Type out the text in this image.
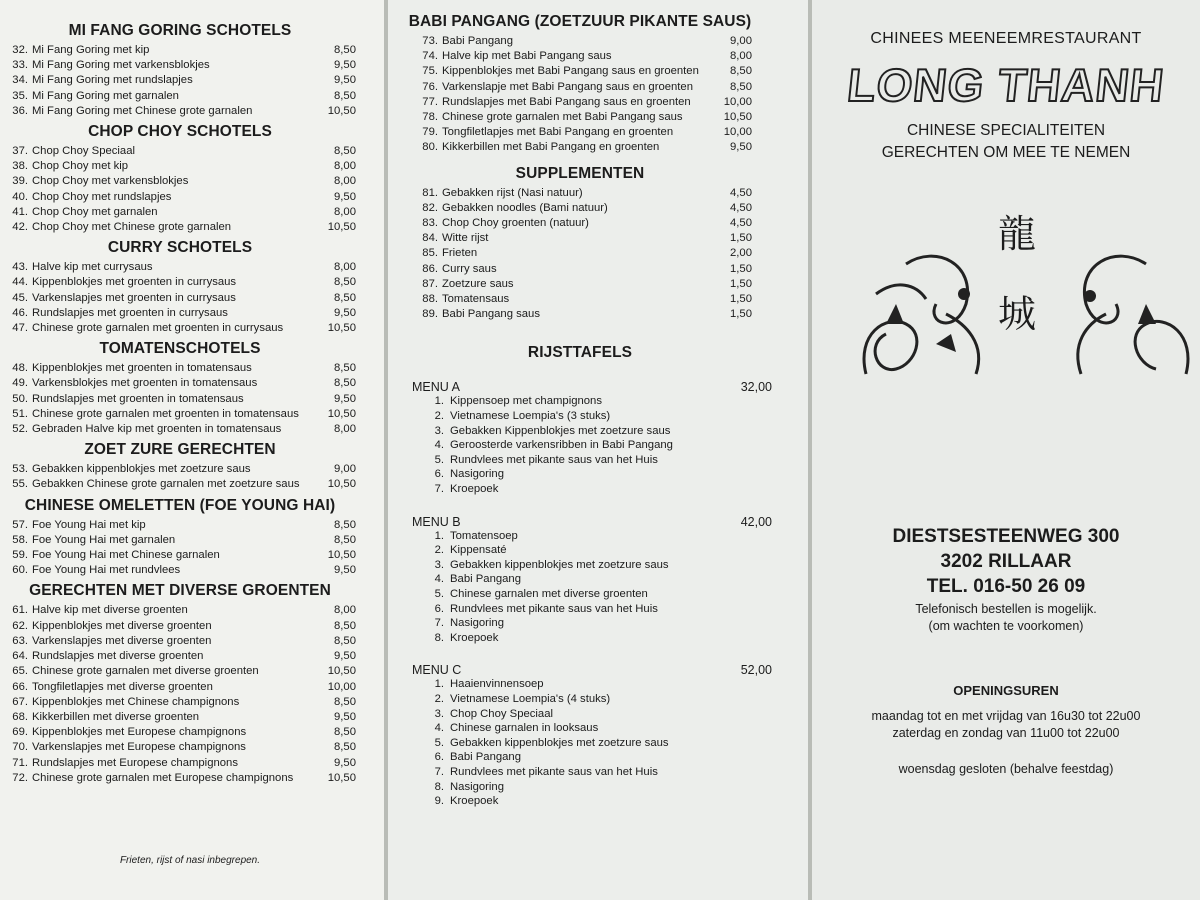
MI FANG GORING SCHOTELS
32. Mi Fang Goring met kip	8,50
33. Mi Fang Goring met varkensblokjes	9,50
34. Mi Fang Goring met rundslapjes	9,50
35. Mi Fang Goring met garnalen	8,50
36. Mi Fang Goring met Chinese grote garnalen	10,50
CHOP CHOY SCHOTELS
37. Chop Choy Speciaal	8,50
38. Chop Choy met kip	8,00
39. Chop Choy met varkensblokjes	8,00
40. Chop Choy met rundslapjes	9,50
41. Chop Choy met garnalen	8,00
42. Chop Choy met Chinese grote garnalen	10,50
CURRY SCHOTELS
43. Halve kip met currysaus	8,00
44. Kippenblokjes met groenten in currysaus	8,50
45. Varkenslapjes met groenten in currysaus	8,50
46. Rundslapjes met groenten in currysaus	9,50
47. Chinese grote garnalen met groenten in currysaus	10,50
TOMATENSCHOTELS
48. Kippenblokjes met groenten in tomatensaus	8,50
49. Varkensblokjes met groenten in tomatensaus	8,50
50. Rundslapjes met groenten in tomatensaus	9,50
51. Chinese grote garnalen met groenten in tomatensaus	10,50
52. Gebraden Halve kip met groenten in tomatensaus	8,00
ZOET ZURE GERECHTEN
53. Gebakken kippenblokjes met zoetzure saus	9,00
55. Gebakken Chinese grote garnalen met zoetzure saus	10,50
CHINESE OMELETTEN (FOE YOUNG HAI)
57. Foe Young Hai met kip	8,50
58. Foe Young Hai met garnalen	8,50
59. Foe Young Hai met Chinese garnalen	10,50
60. Foe Young Hai met rundvlees	9,50
GERECHTEN MET DIVERSE GROENTEN
61. Halve kip met diverse groenten	8,00
62. Kippenblokjes met diverse groenten	8,50
63. Varkenslapjes met diverse groenten	8,50
64. Rundslapjes met diverse groenten	9,50
65. Chinese grote garnalen met diverse groenten	10,50
66. Tongfiletlapjes met diverse groenten	10,00
67. Kippenblokjes met Chinese champignons	8,50
68. Kikkerbillen met diverse groenten	9,50
69. Kippenblokjes met Europese champignons	8,50
70. Varkenslapjes met Europese champignons	8,50
71. Rundslapjes met Europese champignons	9,50
72. Chinese grote garnalen met Europese champignons	10,50
Frieten, rijst of nasi inbegrepen.
BABI PANGANG (ZOETZUUR PIKANTE SAUS)
73. Babi Pangang	9,00
74. Halve kip met Babi Pangang saus	8,00
75. Kippenblokjes met Babi Pangang saus en groenten	8,50
76. Varkenslapje met Babi Pangang saus en groenten	8,50
77. Rundslapjes met Babi Pangang saus en groenten	10,00
78. Chinese grote garnalen met Babi Pangang saus	10,50
79. Tongfiletlapjes met Babi Pangang en groenten	10,00
80. Kikkerbillen met Babi Pangang en groenten	9,50
SUPPLEMENTEN
81. Gebakken rijst (Nasi natuur)	4,50
82. Gebakken noodles (Bami natuur)	4,50
83. Chop Choy groenten (natuur)	4,50
84. Witte rijst	1,50
85. Frieten	2,00
86. Curry saus	1,50
87. Zoetzure saus	1,50
88. Tomatensaus	1,50
89. Babi Pangang saus	1,50
RIJSTTAFELS
MENU A	32,00
1. Kippensoep met champignons
2. Vietnamese Loempia's (3 stuks)
3. Gebakken Kippenblokjes met zoetzure saus
4. Geroosterde varkensribben in Babi Pangang
5. Rundvlees met pikante saus van het Huis
6. Nasigoring
7. Kroepoek
MENU B	42,00
1. Tomatensoep
2. Kippensaté
3. Gebakken kippenblokjes met zoetzure saus
4. Babi Pangang
5. Chinese garnalen met diverse groenten
6. Rundvlees met pikante saus van het Huis
7. Nasigoring
8. Kroepoek
MENU C	52,00
1. Haaienvinnensoep
2. Vietnamese Loempia's (4 stuks)
3. Chop Choy Speciaal
4. Chinese garnalen in looksaus
5. Gebakken kippenblokjes met zoetzure saus
6. Babi Pangang
7. Rundvlees met pikante saus van het Huis
8. Nasigoring
9. Kroepoek
CHINEES MEENEEMRESTAURANT
LONG THANH
CHINESE SPECIALITEITEN
GERECHTEN OM MEE TE NEMEN
龍
城
DIESTSESTEENWEG 300
3202 RILLAAR
TEL. 016-50 26 09
Telefonisch bestellen is mogelijk.
(om wachten te voorkomen)
OPENINGSUREN
maandag tot en met vrijdag van 16u30 tot 22u00
zaterdag en zondag van 11u00 tot 22u00
woensdag gesloten (behalve feestdag)
